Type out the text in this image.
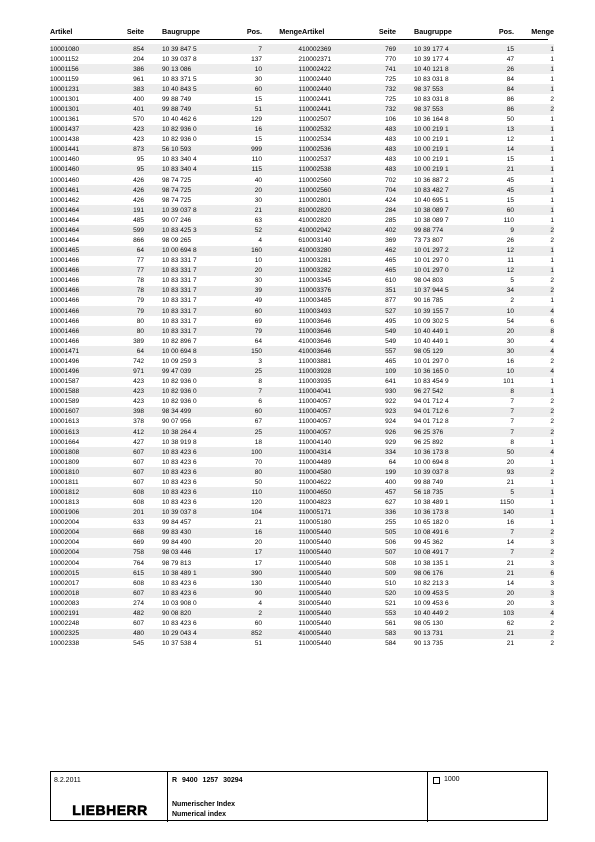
Artikel	Seite	Baugruppe	Pos.	Menge Artikel	Seite	Baugruppe	Pos.	Menge
10001080	854	10 39 847 5	7	4
10001152	204	10 39 037 8	137	2
10001156	386	90 13 086	10	1
10001159	961	10 83 371 5	30	1
10001231	383	10 40 843 5	60	1
10001301	400	99 88 749	15	1
10001301	401	99 88 749	51	1
10001361	570	10 40 462 6	129	1
10001437	423	10 82 936 0	16	1
10001438	423	10 82 936 0	15	1
10001441	873	56 10 593	999	1
10001460	95	10 83 340 4	110	1
10001460	95	10 83 340 4	115	1
10001460	426	98 74 725	40	1
10001461	426	98 74 725	20	1
10001462	426	98 74 725	30	1
10001464	191	10 39 037 8	21	8
10001464	485	90 07 246	63	4
10001464	599	10 83 425 3	52	4
10001464	866	98 09 265	4	6
10001465	64	10 00 694 8	160	4
10001466	77	10 83 331 7	10	1
10001466	77	10 83 331 7	20	1
10001466	78	10 83 331 7	30	1
10001466	78	10 83 331 7	39	1
10001466	79	10 83 331 7	49	1
10001466	79	10 83 331 7	60	1
10001466	80	10 83 331 7	69	1
10001466	80	10 83 331 7	79	1
10001466	389	10 82 896 7	64	4
10001471	64	10 00 694 8	150	4
10001496	742	10 09 259 3	3	1
10001496	971	99 47 039	25	1
10001587	423	10 82 936 0	8	1
10001588	423	10 82 936 0	7	1
10001589	423	10 82 936 0	6	1
10001607	398	98 34 499	60	1
10001613	378	90 07 956	67	1
10001613	412	10 38 264 4	25	1
10001664	427	10 38 919 8	18	1
10001808	607	10 83 423 6	100	1
10001809	607	10 83 423 6	70	1
10001810	607	10 83 423 6	80	1
10001811	607	10 83 423 6	50	1
10001812	608	10 83 423 6	110	1
10001813	608	10 83 423 6	120	1
10001906	201	10 39 037 8	104	1
10002004	633	99 84 457	21	1
10002004	668	99 83 430	16	1
10002004	669	99 84 490	20	1
10002004	758	98 03 446	17	1
10002004	764	98 79 813	17	1
10002015	615	10 38 489 1	390	1
10002017	608	10 83 423 6	130	1
10002018	607	10 83 423 6	90	1
10002083	274	10 03 908 0	4	3
10002191	482	90 08 820	2	1
10002248	607	10 83 423 6	60	1
10002325	480	10 29 043 4	852	4
10002338	545	10 37 538 4	51	1
10002369	769	10 39 177 4	15	1
10002371	770	10 39 177 4	47	1
10002422	741	10 40 121 8	26	1
10002440	725	10 83 031 8	84	1
10002440	732	98 37 553	84	1
10002441	725	10 83 031 8	86	2
10002441	732	98 37 553	86	2
10002507	106	10 36 164 8	50	1
10002532	483	10 00 219 1	13	1
10002534	483	10 00 219 1	12	1
10002536	483	10 00 219 1	14	1
10002537	483	10 00 219 1	15	1
10002538	483	10 00 219 1	21	1
10002560	702	10 36 887 2	45	1
10002560	704	10 83 482 7	45	1
10002801	424	10 40 695 1	15	1
10002820	284	10 38 089 7	60	1
10002820	285	10 38 089 7	110	1
10002942	402	99 88 774	9	2
10003140	369	73 73 807	26	2
10003280	462	10 01 297 2	12	1
10003281	465	10 01 297 0	11	1
10003282	465	10 01 297 0	12	1
10003345	610	98 04 803	5	2
10003376	351	10 37 944 5	34	2
10003485	877	90 16 785	2	1
10003493	527	10 39 155 7	10	4
10003646	495	10 09 302 5	54	6
10003646	549	10 40 449 1	20	8
10003646	549	10 40 449 1	30	4
10003646	557	98 05 129	30	4
10003881	465	10 01 297 0	16	2
10003928	109	10 36 165 0	10	4
10003935	641	10 83 454 9	101	1
10004041	930	96 27 542	8	1
10004057	922	94 01 712 4	7	2
10004057	923	94 01 712 6	7	2
10004057	924	94 01 712 8	7	2
10004057	926	96 25 376	7	2
10004140	929	96 25 892	8	1
10004314	334	10 36 173 8	50	4
10004489	64	10 00 694 8	20	1
10004580	199	10 39 037 8	93	2
10004622	400	99 88 749	21	1
10004650	457	56 18 735	5	1
10004823	627	10 38 489 1	1150	1
10005171	336	10 36 173 8	140	1
10005180	255	10 65 182 0	16	1
10005440	505	10 08 491 6	7	2
10005440	506	99 45 362	14	3
10005440	507	10 08 491 7	7	2
10005440	508	10 38 135 1	21	3
10005440	509	98 06 176	21	6
10005440	510	10 82 213 3	14	3
10005440	520	10 09 453 5	20	3
10005440	521	10 09 453 6	20	3
10005440	553	10 40 449 2	103	4
10005440	561	98 05 130	62	2
10005440	583	90 13 731	21	2
10005440	584	90 13 735	21	2
8.2.2011
LIEBHERR
R 9400 1257 30294
Numerischer Index
Numerical index
1000
